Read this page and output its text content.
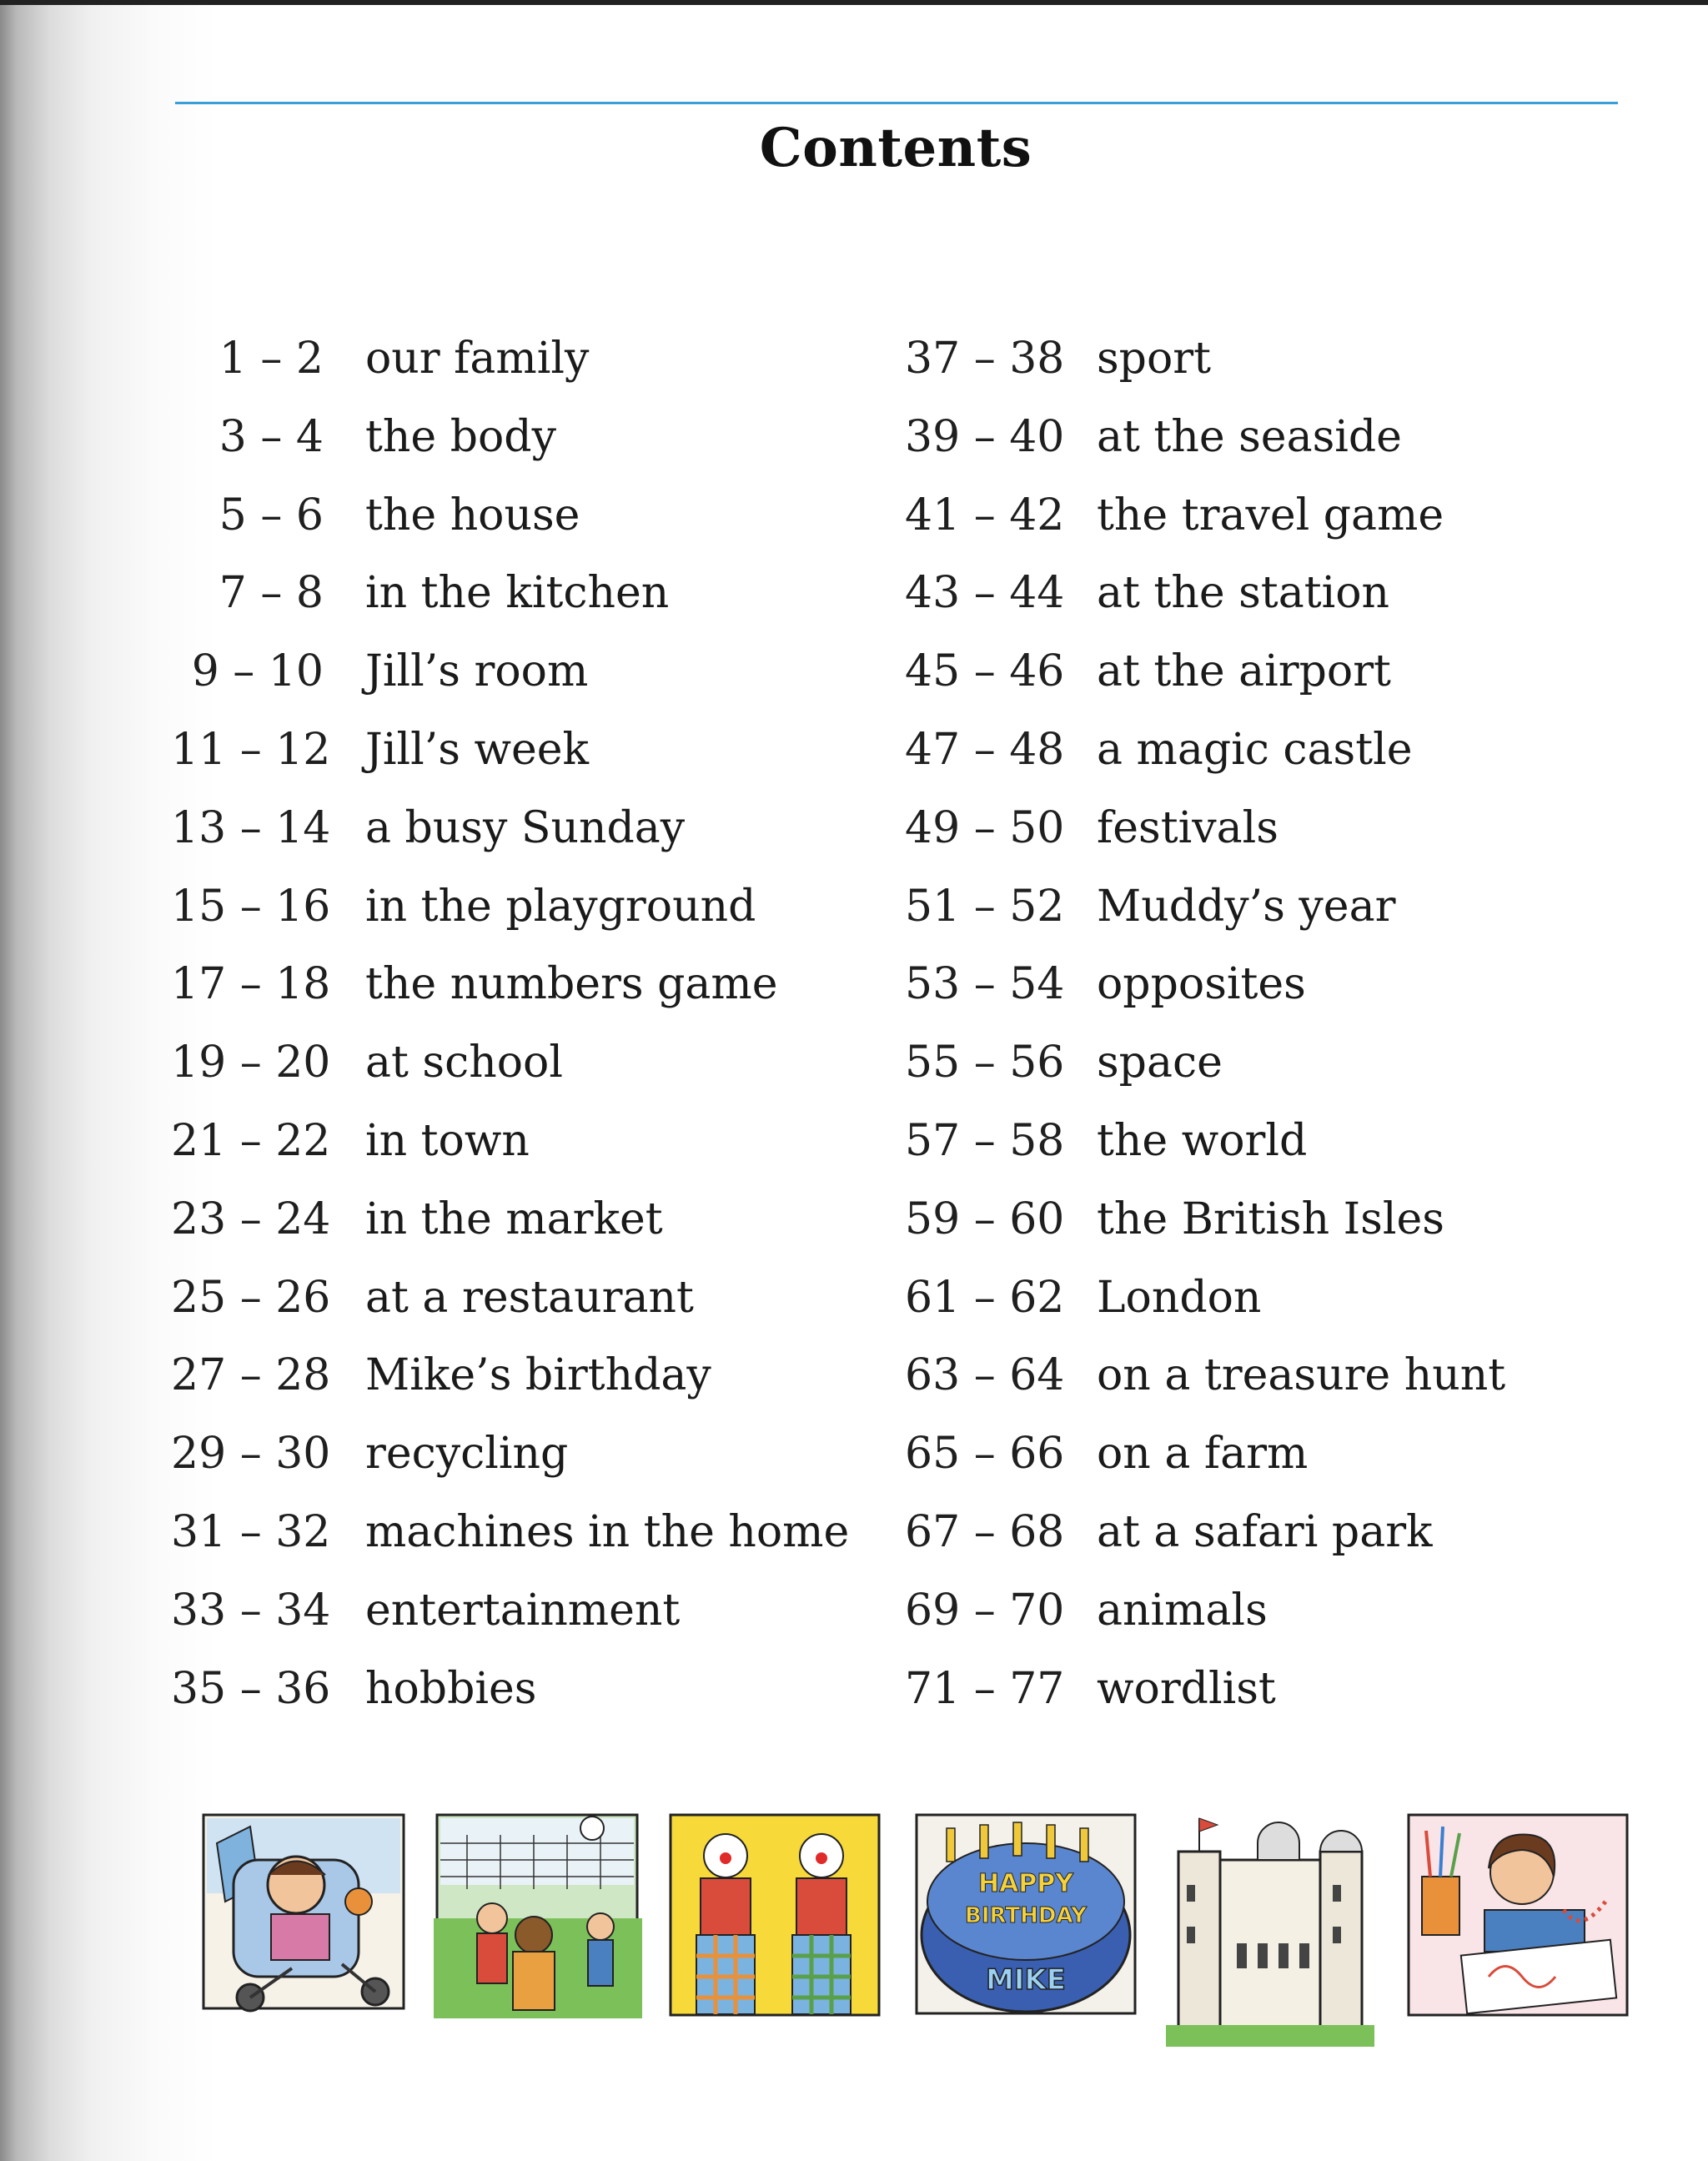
Contents
1 – 2 our family
3 – 4 the body
5 – 6 the house
7 – 8 in the kitchen
9 – 10 Jill’s room
11 – 12 Jill’s week
13 – 14 a busy Sunday
15 – 16 in the playground
17 – 18 the numbers game
19 – 20 at school
21 – 22 in town
23 – 24 in the market
25 – 26 at a restaurant
27 – 28 Mike’s birthday
29 – 30 recycling
31 – 32 machines in the home
33 – 34 entertainment
35 – 36 hobbies
37 – 38 sport
39 – 40 at the seaside
41 – 42 the travel game
43 – 44 at the station
45 – 46 at the airport
47 – 48 a magic castle
49 – 50 festivals
51 – 52 Muddy’s year
53 – 54 opposites
55 – 56 space
57 – 58 the world
59 – 60 the British Isles
61 – 62 London
63 – 64 on a treasure hunt
65 – 66 on a farm
67 – 68 at a safari park
69 – 70 animals
71 – 77 wordlist
HAPPY
BIRTHDAY
MIKE
